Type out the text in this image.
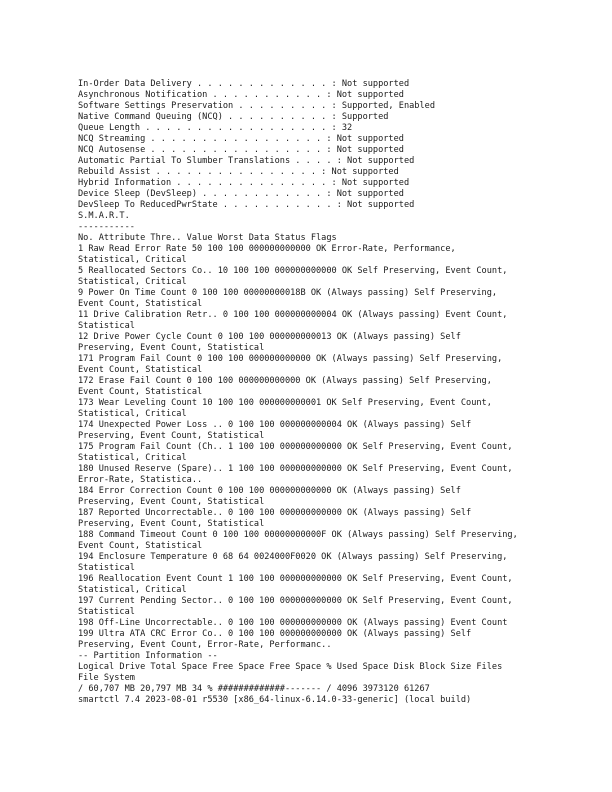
In-Order Data Delivery . . . . . . . . . . . . . : Not supported
Asynchronous Notification . . . . . . . . . . . : Not supported
Software Settings Preservation . . . . . . . . . : Supported, Enabled
Native Command Queuing (NCQ) . . . . . . . . . . : Supported
Queue Length . . . . . . . . . . . . . . . . . . : 32
NCQ Streaming . . . . . . . . . . . . . . . . . : Not supported
NCQ Autosense . . . . . . . . . . . . . . . . . : Not supported
Automatic Partial To Slumber Translations . . . . : Not supported
Rebuild Assist . . . . . . . . . . . . . . . . : Not supported
Hybrid Information . . . . . . . . . . . . . . . : Not supported
Device Sleep (DevSleep) . . . . . . . . . . . . : Not supported
DevSleep To ReducedPwrState . . . . . . . . . . . : Not supported
S.M.A.R.T.
-----------
No. Attribute Thre.. Value Worst Data Status Flags
1 Raw Read Error Rate 50 100 100 000000000000 OK Error-Rate, Performance,
Statistical, Critical
5 Reallocated Sectors Co.. 10 100 100 000000000000 OK Self Preserving, Event Count,
Statistical, Critical
9 Power On Time Count 0 100 100 00000000018B OK (Always passing) Self Preserving,
Event Count, Statistical
11 Drive Calibration Retr.. 0 100 100 000000000004 OK (Always passing) Event Count,
Statistical
12 Drive Power Cycle Count 0 100 100 000000000013 OK (Always passing) Self
Preserving, Event Count, Statistical
171 Program Fail Count 0 100 100 000000000000 OK (Always passing) Self Preserving,
Event Count, Statistical
172 Erase Fail Count 0 100 100 000000000000 OK (Always passing) Self Preserving,
Event Count, Statistical
173 Wear Leveling Count 10 100 100 000000000001 OK Self Preserving, Event Count,
Statistical, Critical
174 Unexpected Power Loss .. 0 100 100 000000000004 OK (Always passing) Self
Preserving, Event Count, Statistical
175 Program Fail Count (Ch.. 1 100 100 000000000000 OK Self Preserving, Event Count,
Statistical, Critical
180 Unused Reserve (Spare).. 1 100 100 000000000000 OK Self Preserving, Event Count,
Error-Rate, Statistica..
184 Error Correction Count 0 100 100 000000000000 OK (Always passing) Self
Preserving, Event Count, Statistical
187 Reported Uncorrectable.. 0 100 100 000000000000 OK (Always passing) Self
Preserving, Event Count, Statistical
188 Command Timeout Count 0 100 100 00000000000F OK (Always passing) Self Preserving,
Event Count, Statistical
194 Enclosure Temperature 0 68 64 0024000F0020 OK (Always passing) Self Preserving,
Statistical
196 Reallocation Event Count 1 100 100 000000000000 OK Self Preserving, Event Count,
Statistical, Critical
197 Current Pending Sector.. 0 100 100 000000000000 OK Self Preserving, Event Count,
Statistical
198 Off-Line Uncorrectable.. 0 100 100 000000000000 OK (Always passing) Event Count
199 Ultra ATA CRC Error Co.. 0 100 100 000000000000 OK (Always passing) Self
Preserving, Event Count, Error-Rate, Performanc..
-- Partition Information --
Logical Drive Total Space Free Space Free Space % Used Space Disk Block Size Files
File System
/ 60,707 MB 20,797 MB 34 % #############------- / 4096 3973120 61267
smartctl 7.4 2023-08-01 r5530 [x86_64-linux-6.14.0-33-generic] (local build)
